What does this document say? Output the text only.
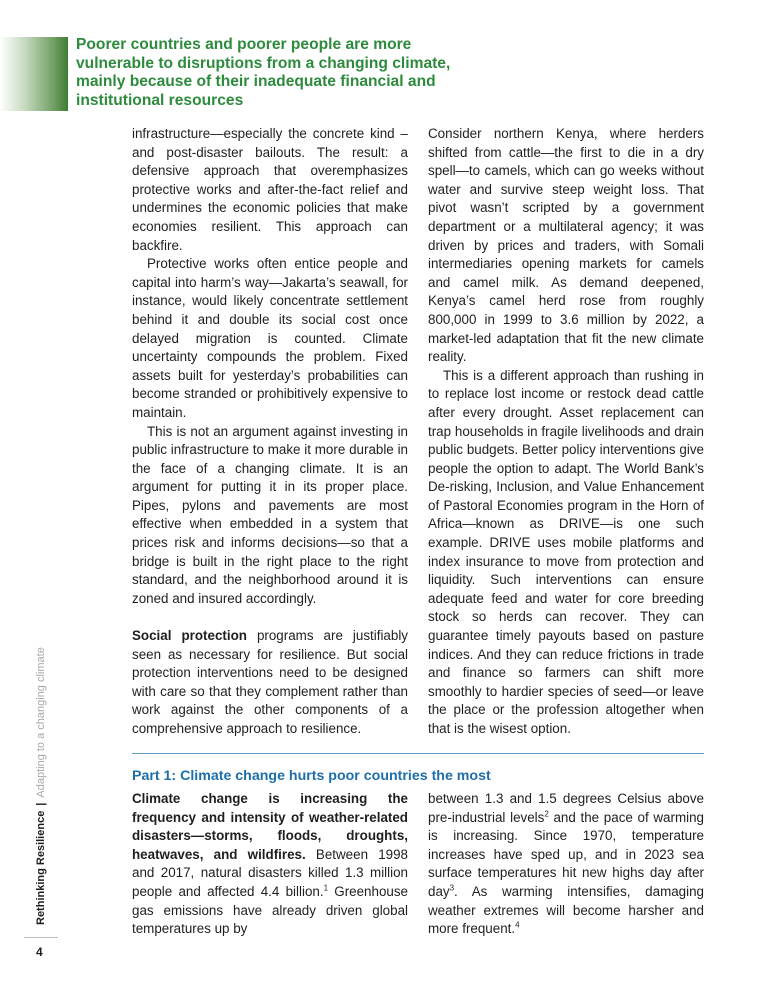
Poorer countries and poorer people are more vulnerable to disruptions from a changing climate, mainly because of their inadequate financial and institutional resources

infrastructure—especially the concrete kind – and post-disaster bailouts. The result: a defensive approach that overemphasizes protective works and after-the-fact relief and undermines the economic policies that make economies resilient. This approach can backfire.

Protective works often entice people and capital into harm’s way—Jakarta’s seawall, for instance, would likely concentrate settlement behind it and double its social cost once delayed migration is counted. Climate uncertainty compounds the problem. Fixed assets built for yesterday’s probabilities can become stranded or prohibitively expensive to maintain.

This is not an argument against investing in public infrastructure to make it more durable in the face of a changing climate. It is an argument for putting it in its proper place. Pipes, pylons and pavements are most effective when embedded in a system that prices risk and informs decisions—so that a bridge is built in the right place to the right standard, and the neighborhood around it is zoned and insured accordingly.

Social protection programs are justifiably seen as necessary for resilience. But social protection interventions need to be designed with care so that they complement rather than work against the other components of a comprehensive approach to resilience.

Consider northern Kenya, where herders shifted from cattle—the first to die in a dry spell—to camels, which can go weeks without water and survive steep weight loss. That pivot wasn’t scripted by a government department or a multilateral agency; it was driven by prices and traders, with Somali intermediaries opening markets for camels and camel milk. As demand deepened, Kenya’s camel herd rose from roughly 800,000 in 1999 to 3.6 million by 2022, a market-led adaptation that fit the new climate reality.

This is a different approach than rushing in to replace lost income or restock dead cattle after every drought. Asset replacement can trap households in fragile livelihoods and drain public budgets. Better policy interventions give people the option to adapt. The World Bank’s De-risking, Inclusion, and Value Enhancement of Pastoral Economies program in the Horn of Africa—known as DRIVE—is one such example. DRIVE uses mobile platforms and index insurance to move from protection and liquidity. Such interventions can ensure adequate feed and water for core breeding stock so herds can recover. They can guarantee timely payouts based on pasture indices. And they can reduce frictions in trade and finance so farmers can shift more smoothly to hardier species of seed—or leave the place or the profession altogether when that is the wisest option.

Part 1: Climate change hurts poor countries the most

Climate change is increasing the frequency and intensity of weather-related disasters—storms, floods, droughts, heatwaves, and wildfires. Between 1998 and 2017, natural disasters killed 1.3 million people and affected 4.4 billion.$^1$ Greenhouse gas emissions have already driven global temperatures up by

between 1.3 and 1.5 degrees Celsius above pre-industrial levels$^2$ and the pace of warming is increasing. Since 1970, temperature increases have sped up, and in 2023 sea surface temperatures hit new highs day after day$^3$. As warming intensifies, damaging weather extremes will become harsher and more frequent.$^4$

Rethinking Resilience|Adapting to a changing climate
4
